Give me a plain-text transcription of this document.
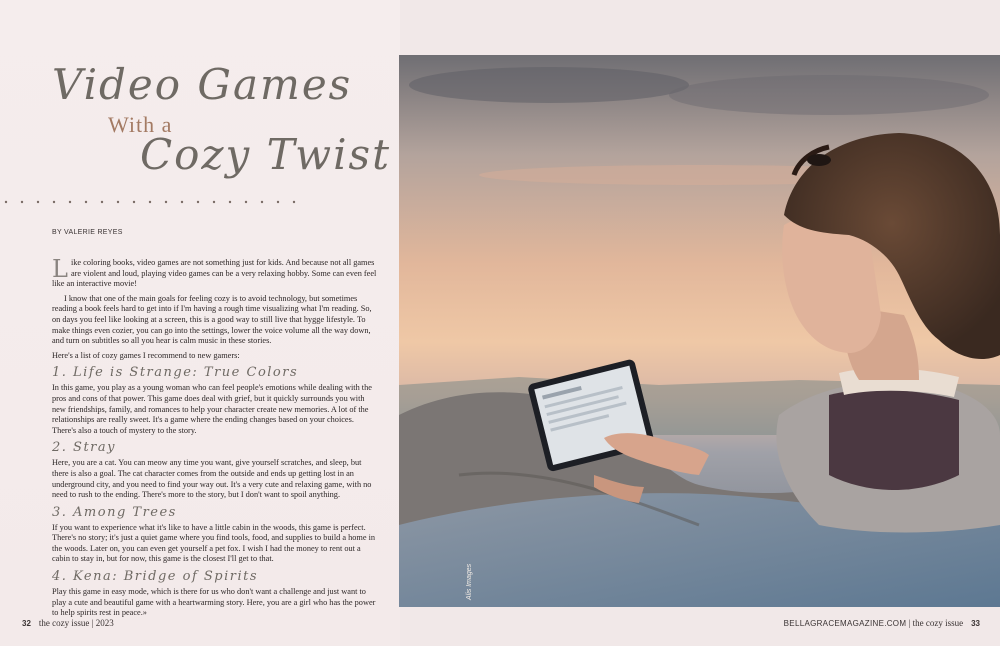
Video Games
With a
Cozy Twist
BY VALERIE REYES

Like coloring books, video games are not something just for kids. And because not all games are violent and loud, playing video games can be a very relaxing hobby. Some can even feel like an interactive movie!

I know that one of the main goals for feeling cozy is to avoid technology, but sometimes reading a book feels hard to get into if I'm having a rough time visualizing what I'm reading. So, on days you feel like looking at a screen, this is a good way to still live that hygge lifestyle. To make things even cozier, you can go into the settings, lower the voice volume all the way down, and turn on subtitles so all you hear is calm music in these stories.

Here's a list of cozy games I recommend to new gamers:

1. Life is Strange: True Colors

In this game, you play as a young woman who can feel people's emotions while dealing with the pros and cons of that power. This game does deal with grief, but it quickly surrounds you with new friendships, family, and romances to help your character create new memories. A lot of the relationships are really sweet. It's a game where the ending changes based on your choices. There's also a touch of mystery to the story.

2. Stray

Here, you are a cat. You can meow any time you want, give yourself scratches, and sleep, but there is also a goal. The cat character comes from the outside and ends up getting lost in an underground city, and you need to find your way out. It's a very cute and relaxing game, with no need to rush to the ending. There's more to the story, but I don't want to spoil anything.

3. Among Trees

If you want to experience what it's like to have a little cabin in the woods, this game is perfect. There's no story; it's just a quiet game where you find tools, food, and supplies to build a home in the woods. Later on, you can even get yourself a pet fox. I wish I had the money to rent out a cabin to stay in, but for now, this game is the closest I'll get to that.

4. Kena: Bridge of Spirits

Play this game in easy mode, which is there for us who don't want a challenge and just want to play a cute and beautiful game with a heartwarming story. Here, you are a girl who has the power to help spirits rest in peace.»

32 the cozy issue | 2023
Alis Images
BELLAGRACEMAGAZINE.COM | the cozy issue 33
